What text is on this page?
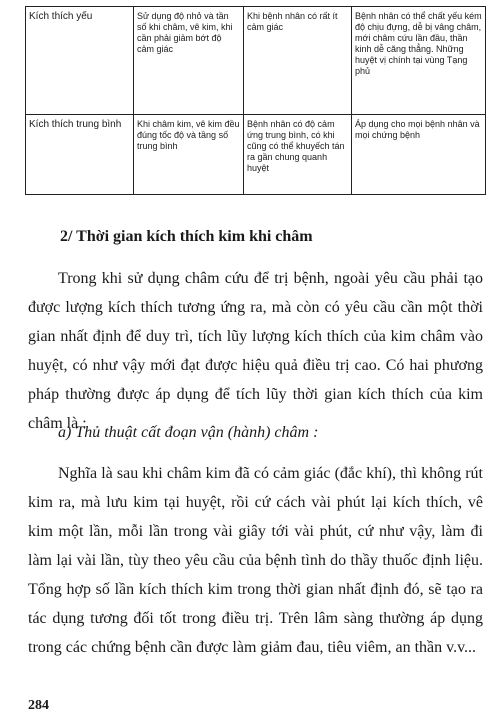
Kích thích yếu	Sử dụng độ nhỏ và tần số khi châm, vê kim, khi cần phải giảm bớt độ cảm giác	Khi bệnh nhân có rất ít cảm giác	Bệnh nhân có thể chất yếu kém độ chịu đựng, dễ bị vâng châm, mới châm cứu lần đầu, thần kinh dễ căng thẳng. Những huyệt vị chính tại vùng Tạng phủ
Kích thích trung bình	Khi châm kim, vê kim đều đúng tốc độ và tầng số trung bình	Bệnh nhân có độ cảm ứng trung bình, có khi cũng có thể khuyếch tán ra gần chung quanh huyệt	Áp dụng cho mọi bệnh nhân và mọi chứng bệnh
2/ Thời gian kích thích kim khi châm

Trong khi sử dụng châm cứu để trị bệnh, ngoài yêu cầu phải tạo được lượng kích thích tương ứng ra, mà còn có yêu cầu cần một thời gian nhất định để duy trì, tích lũy lượng kích thích của kim châm vào huyệt, có như vậy mới đạt được hiệu quả điều trị cao. Có hai phương pháp thường được áp dụng để tích lũy thời gian kích thích của kim châm là :

a) Thủ thuật cất đoạn vận (hành) châm :

Nghĩa là sau khi châm kim đã có cảm giác (đắc khí), thì không rút kim ra, mà lưu kim tại huyệt, rồi cứ cách vài phút lại kích thích, vê kim một lần, mỗi lần trong vài giây tới vài phút, cứ như vậy, làm đi làm lại vài lần, tùy theo yêu cầu của bệnh tình do thầy thuốc định liệu. Tổng hợp số lần kích thích kim trong thời gian nhất định đó, sẽ tạo ra tác dụng tương đối tốt trong điều trị. Trên lâm sàng thường áp dụng trong các chứng bệnh cần được làm giảm đau, tiêu viêm, an thần v.v...

284
